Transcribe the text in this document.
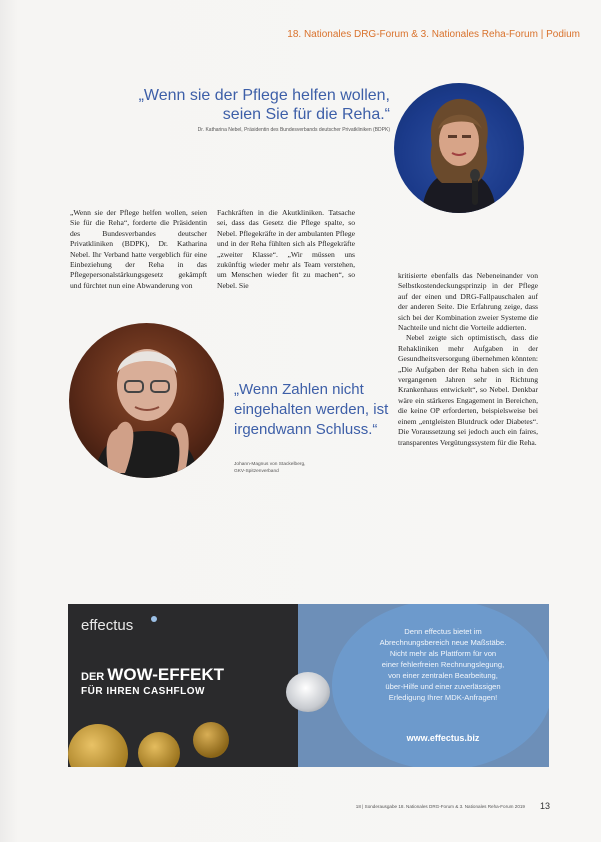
18. Nationales DRG-Forum & 3. Nationales Reha-Forum | Podium
„Wenn sie der Pflege helfen wollen,
seien Sie für die Reha.“
Dr. Katharina Nebel, Präsidentin des Bundesverbands deutscher Privatkliniken (BDPK)

„Wenn sie der Pflege helfen wollen, seien Sie für die Reha“, forderte die Präsidentin des Bundesverbandes deutscher Privatkliniken (BDPK), Dr. Katharina Nebel. Ihr Verband hatte vergeblich für eine Einbeziehung der Reha in das Pflegepersonalstärkungsgesetz gekämpft und fürchtet nun eine Abwanderung von

Fachkräften in die Akutkliniken. Tatsache sei, dass das Gesetz die Pflege spalte, so Nebel. Pflegekräfte in der ambulanten Pflege und in der Reha fühlten sich als Pflegekräfte „zweiter Klasse“. „Wir müssen uns zukünftig wieder mehr als Team verstehen, um Menschen wieder fit zu machen“, so Nebel. Sie

kritisierte ebenfalls das Nebeneinander von Selbstkostendeckungsprinzip in der Pflege auf der einen und DRG-Fallpauschalen auf der anderen Seite. Die Erfahrung zeige, dass sich bei der Kombination zweier Systeme die Nachteile und nicht die Vorteile addierten.

Nebel zeigte sich optimistisch, dass die Rehakliniken mehr Aufgaben in der Gesundheitsversorgung übernehmen könnten: „Die Aufgaben der Reha haben sich in den vergangenen Jahren sehr in Richtung Krankenhaus entwickelt“, so Nebel. Denkbar wäre ein stärkeres Engagement in Bereichen, die keine OP erforderten, beispielsweise bei einem „entgleisten Blutdruck oder Diabetes“. Die Voraussetzung sei jedoch auch ein faires, transparentes Vergütungssystem für die Reha.

„Wenn Zahlen nicht eingehalten werden, ist irgendwann Schluss.“
Johann-Magnus von Stackelberg,
GKV-Spitzenverband
effectus
DER WOW-EFFEKT
FÜR IHREN CASHFLOW
Denn effectus bietet im
Abrechnungsbereich neue Maßstäbe.
Nicht mehr als Plattform für von
einer fehlerfreien Rechnungslegung,
von einer zentralen Bearbeitung,
über-Hilfe und einer zuverlässigen
Erledigung Ihrer MDK-Anfragen!
www.effectus.biz
18 | Sonderausgabe 18. Nationales DRG-Forum & 3. Nationales Reha-Forum 2019 13
